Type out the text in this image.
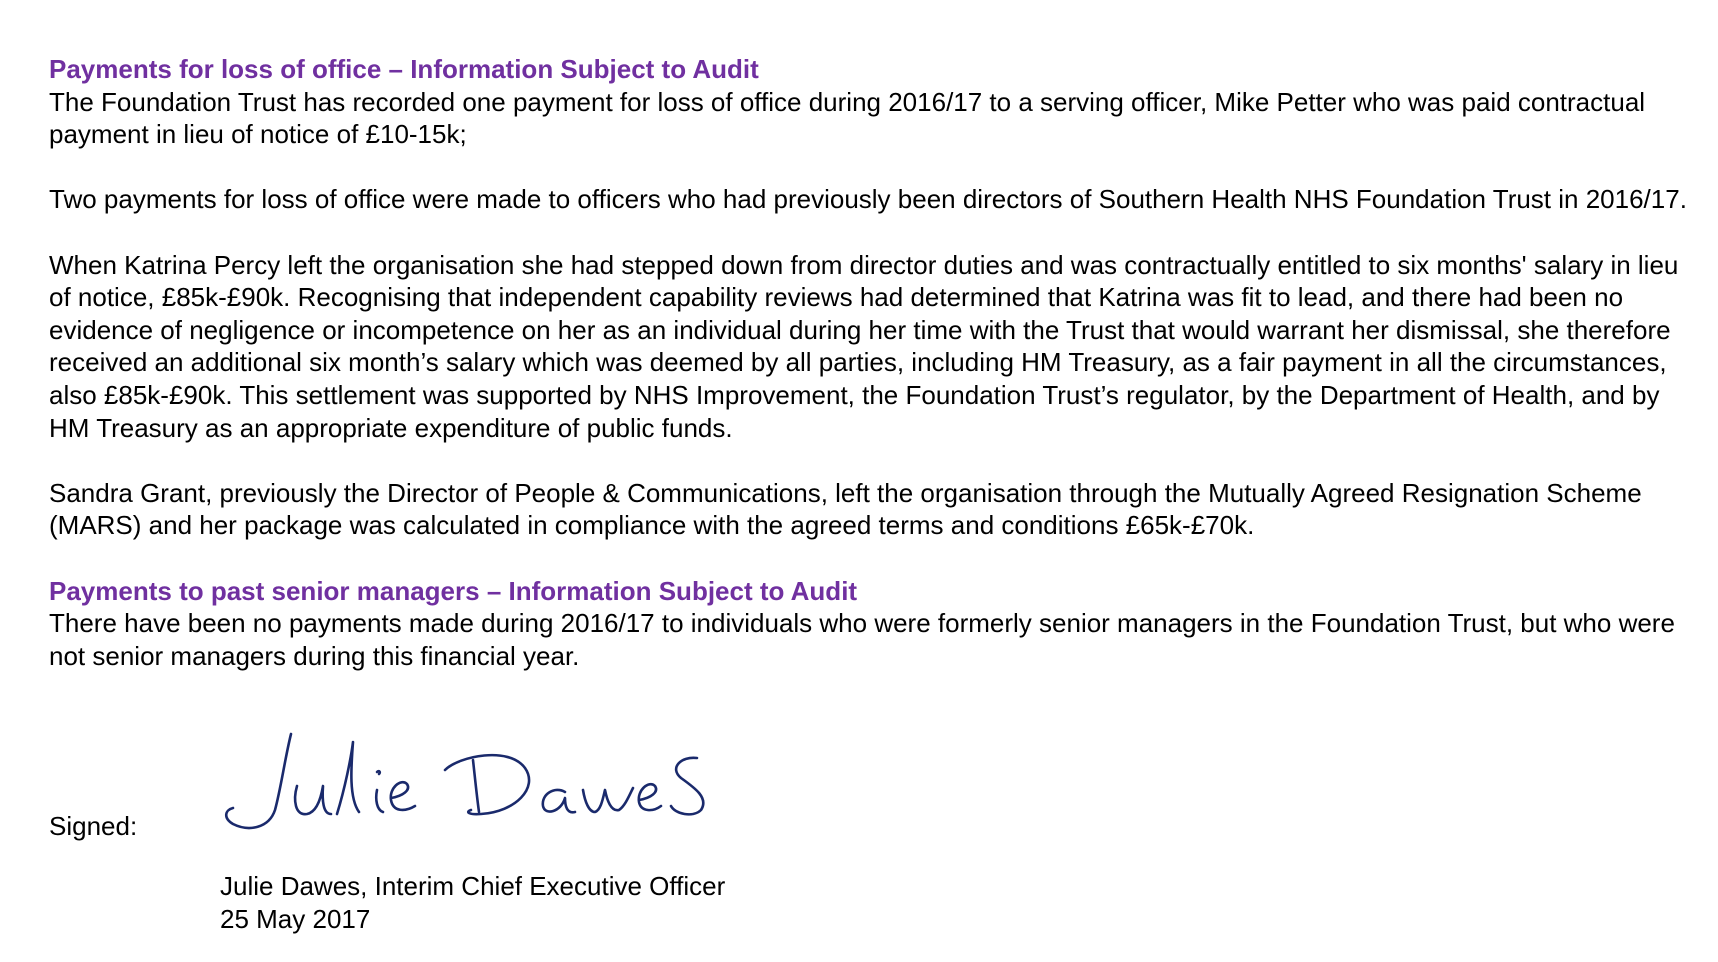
Payments for loss of office – Information Subject to Audit

The Foundation Trust has recorded one payment for loss of office during 2016/17 to a serving officer, Mike Petter who was paid contractual payment in lieu of notice of £10-15k;

Two payments for loss of office were made to officers who had previously been directors of Southern Health NHS Foundation Trust in 2016/17.

When Katrina Percy left the organisation she had stepped down from director duties and was contractually entitled to six months' salary in lieu of notice, £85k-£90k. Recognising that independent capability reviews had determined that Katrina was fit to lead, and there had been no evidence of negligence or incompetence on her as an individual during her time with the Trust that would warrant her dismissal, she therefore received an additional six month’s salary which was deemed by all parties, including HM Treasury, as a fair payment in all the circumstances, also £85k-£90k. This settlement was supported by NHS Improvement, the Foundation Trust’s regulator, by the Department of Health, and by HM Treasury as an appropriate expenditure of public funds.

Sandra Grant, previously the Director of People & Communications, left the organisation through the Mutually Agreed Resignation Scheme (MARS) and her package was calculated in compliance with the agreed terms and conditions £65k-£70k.

Payments to past senior managers – Information Subject to Audit

There have been no payments made during 2016/17 to individuals who were formerly senior managers in the Foundation Trust, but who were not senior managers during this financial year.

Signed:
Julie Dawes, Interim Chief Executive Officer
25 May 2017
